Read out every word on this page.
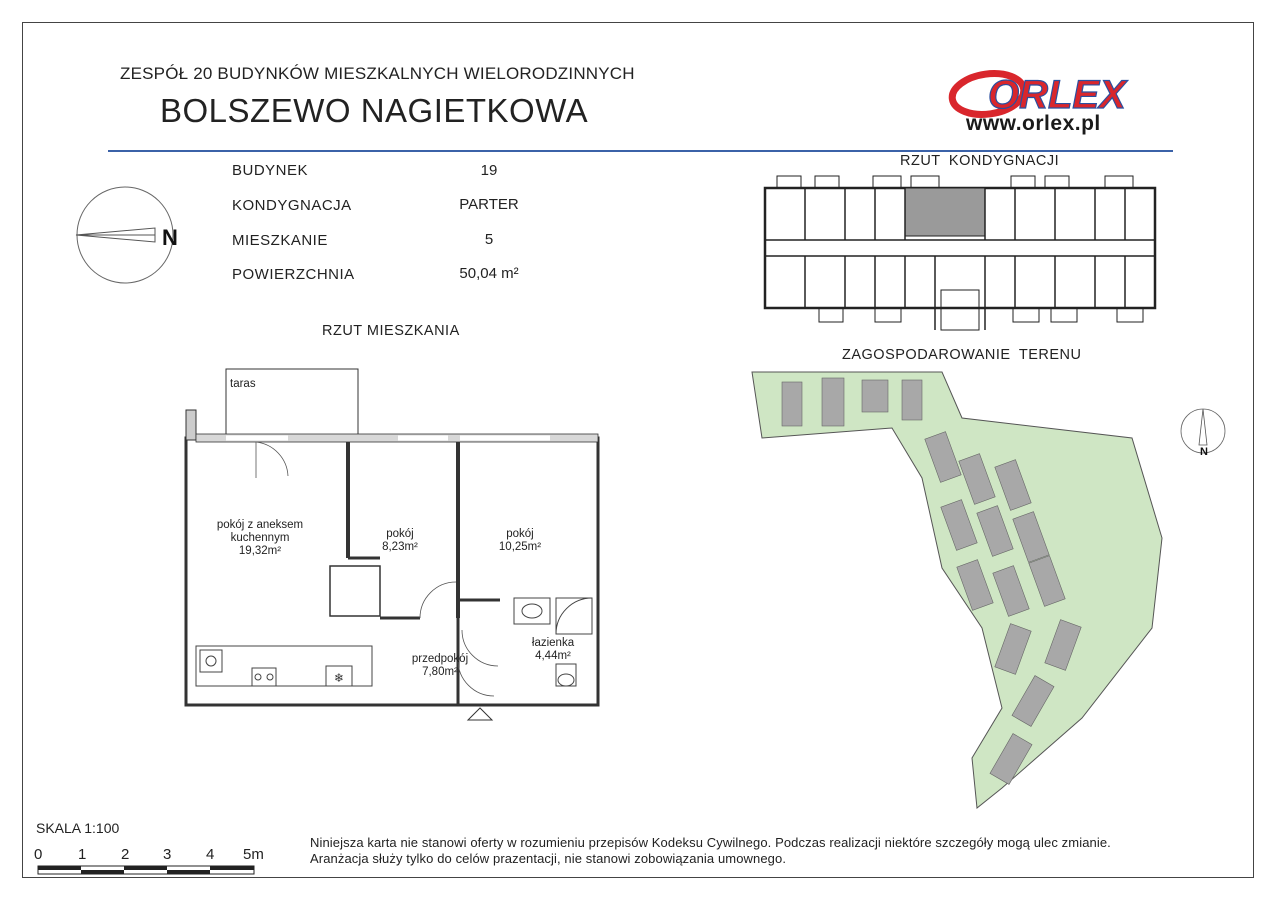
ZESPÓŁ 20 BUDYNKÓW MIESZKALNYCH WIELORODZINNYCH
BOLSZEWO NAGIETKOWA	ORLEX
www.orlex.pl
BUDYNEK	19
KONDYGNACJA	PARTER
MIESZKANIE	5
POWIERZCHNIA	50,04 m²
N
RZUT MIESZKANIA
RZUT KONDYGNACJI
ZAGOSPODAROWANIE TERENU
❄
taras
pokój z aneksem
kuchennym
19,32m²
pokój
8,23m²
pokój
10,25m²
przedpokój
7,80m²
łazienka
4,44m²
N
SKALA 1:100
0 1 2 3 4 5m
Niniejsza karta nie stanowi oferty w rozumieniu przepisów Kodeksu Cywilnego. Podczas realizacji niektóre szczegóły mogą ulec zmianie.
Aranżacja służy tylko do celów prazentacji, nie stanowi zobowiązania umownego.
